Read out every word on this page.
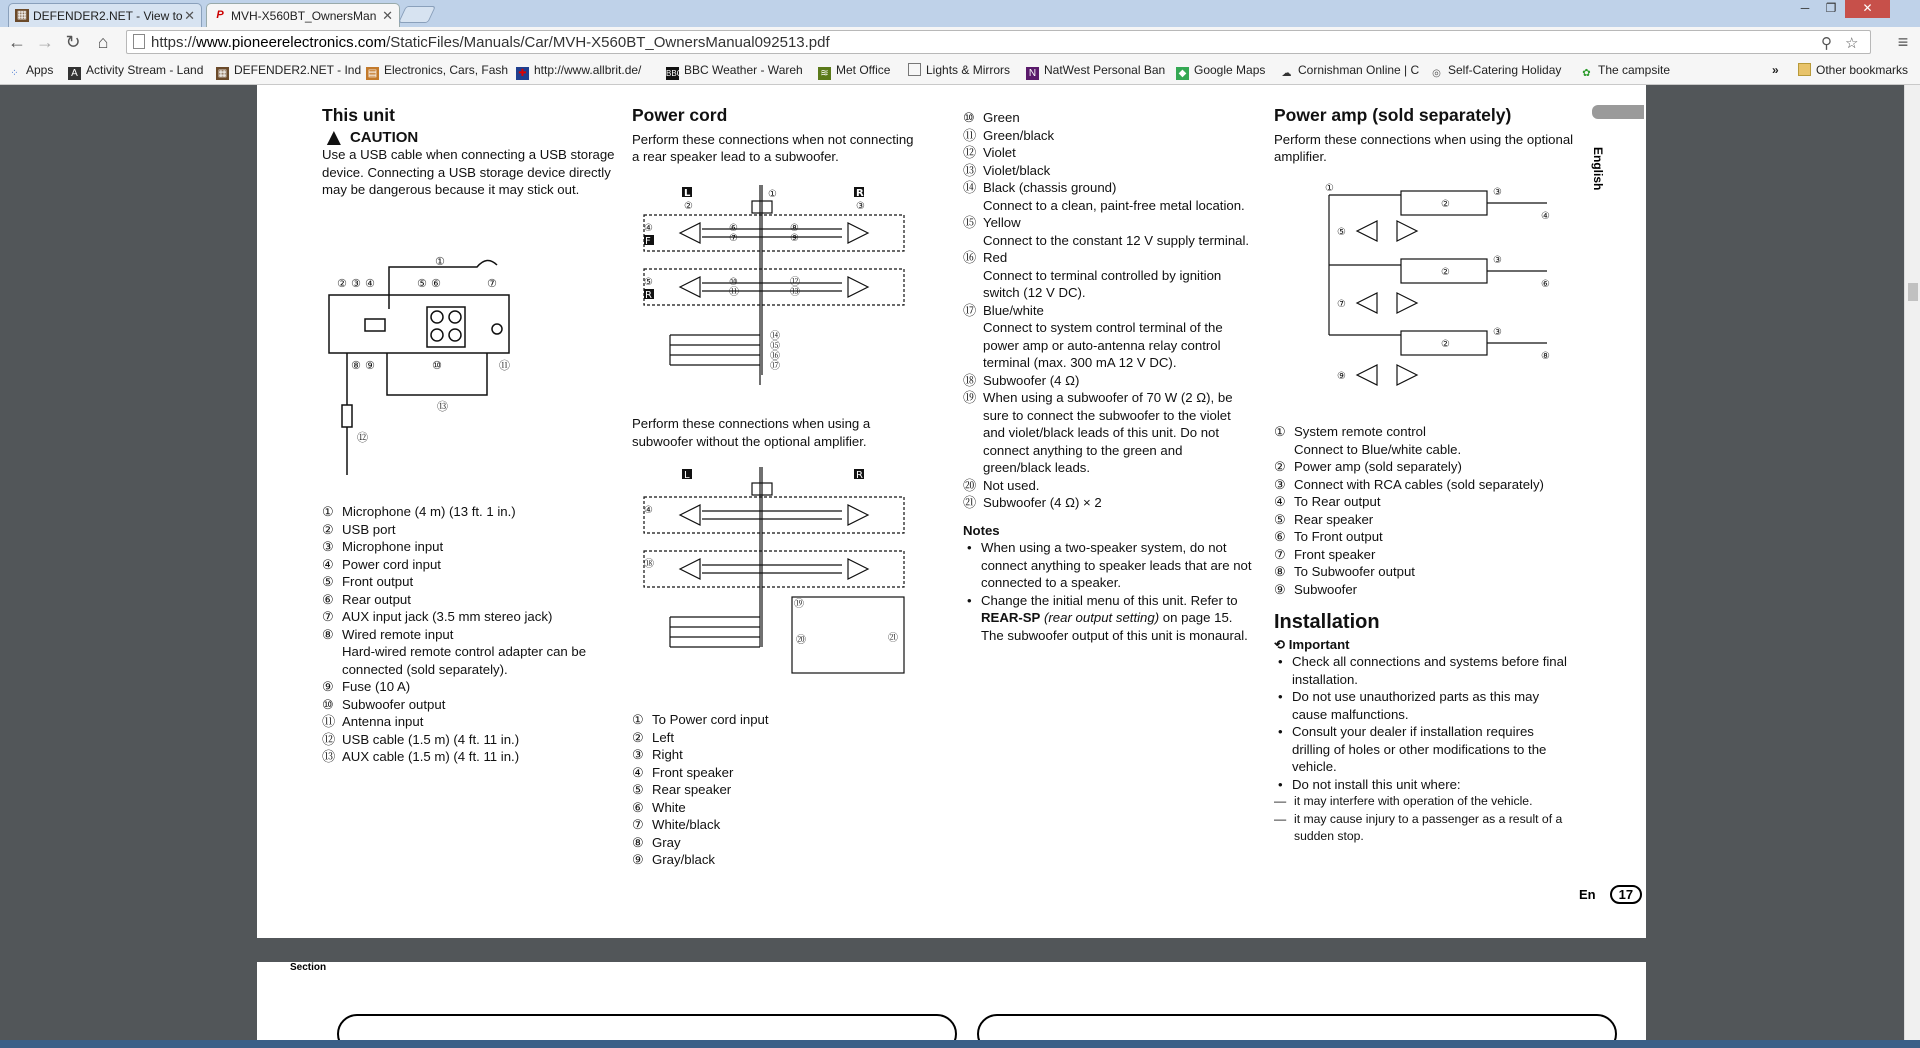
▦ DEFENDER2.NET - View to ✕	P MVH-X560BT_OwnersMan ✕	─	❐	✕
← → ↻ ⌂	https://www.pioneerelectronics.com/StaticFiles/Manuals/Car/MVH-X560BT_OwnersManual092513.pdf	⚲ ☆	≡
⁘ Apps	A Activity Stream - Land ▦ DEFENDER2.NET - Ind ▤ Electronics, Cars, Fash ✚ http://www.allbrit.de/	BBC BBC Weather - Wareh ≋ Met Office	Lights & Mirrors N NatWest Personal Ban ◆ Google Maps ☁ Cornishman Online | C ◎ Self-Catering Holiday ✿ The campsite	»	Other bookmarks
English
This unit
▲ CAUTION

Use a USB cable when connecting a USB storage device. Connecting a USB storage device directly may be dangerous because it may stick out.

①
② ③ ④	⑤ ⑥	⑦
⑧ ⑨	⑩	⑪
⑬
⑫
① Microphone (4 m) (13 ft. 1 in.)
② USB port
③ Microphone input
④ Power cord input
⑤ Front output
⑥ Rear output
⑦ AUX input jack (3.5 mm stereo jack)
⑧ Wired remote input
Hard-wired remote control adapter can be connected (sold separately).
⑨ Fuse (10 A)
⑩ Subwoofer output
⑪ Antenna input
⑫ USB cable (1.5 m) (4 ft. 11 in.)
⑬ AUX cable (1.5 m) (4 ft. 11 in.)
Power cord

Perform these connections when not connecting a rear speaker lead to a subwoofer.

L	R
④
F
⑤
R
⑥
⑦
⑧
⑨
⑩
⑪
⑫
⑬
⑭
⑮
⑯
⑰
①
②	③

Perform these connections when using a subwoofer without the optional amplifier.

L	R
④
⑱
⑲
⑳	㉑
① To Power cord input
② Left
③ Right
④ Front speaker
⑤ Rear speaker
⑥ White
⑦ White/black
⑧ Gray
⑨ Gray/black
⑩ Green
⑪ Green/black
⑫ Violet
⑬ Violet/black
⑭ Black (chassis ground)
Connect to a clean, paint-free metal location.
⑮ Yellow
Connect to the constant 12 V supply terminal.
⑯ Red
Connect to terminal controlled by ignition switch (12 V DC).
⑰ Blue/white
Connect to system control terminal of the power amp or auto-antenna relay control terminal (max. 300 mA 12 V DC).
⑱ Subwoofer (4 Ω)
⑲ When using a subwoofer of 70 W (2 Ω), be sure to connect the subwoofer to the violet and violet/black leads of this unit. Do not connect anything to the green and green/black leads.
⑳ Not used.
㉑ Subwoofer (4 Ω) × 2
Notes
• When using a two-speaker system, do not connect anything to speaker leads that are not connected to a speaker.
• Change the initial menu of this unit. Refer to REAR-SP (rear output setting) on page 15. The subwoofer output of this unit is monaural.
Power amp (sold separately)

Perform these connections when using the optional amplifier.

①
②
②
②
③
③
③
④
⑥
⑧
⑤
⑦
⑨
① System remote control
Connect to Blue/white cable.
② Power amp (sold separately)
③ Connect with RCA cables (sold separately)
④ To Rear output
⑤ Rear speaker
⑥ To Front output
⑦ Front speaker
⑧ To Subwoofer output
⑨ Subwoofer
Installation
⟲ Important
• Check all connections and systems before final installation.
• Do not use unauthorized parts as this may cause malfunctions.
• Consult your dealer if installation requires drilling of holes or other modifications to the vehicle.
• Do not install this unit where:
— it may interfere with operation of the vehicle.
— it may cause injury to a passenger as a result of a sudden stop.
En 17
Section
